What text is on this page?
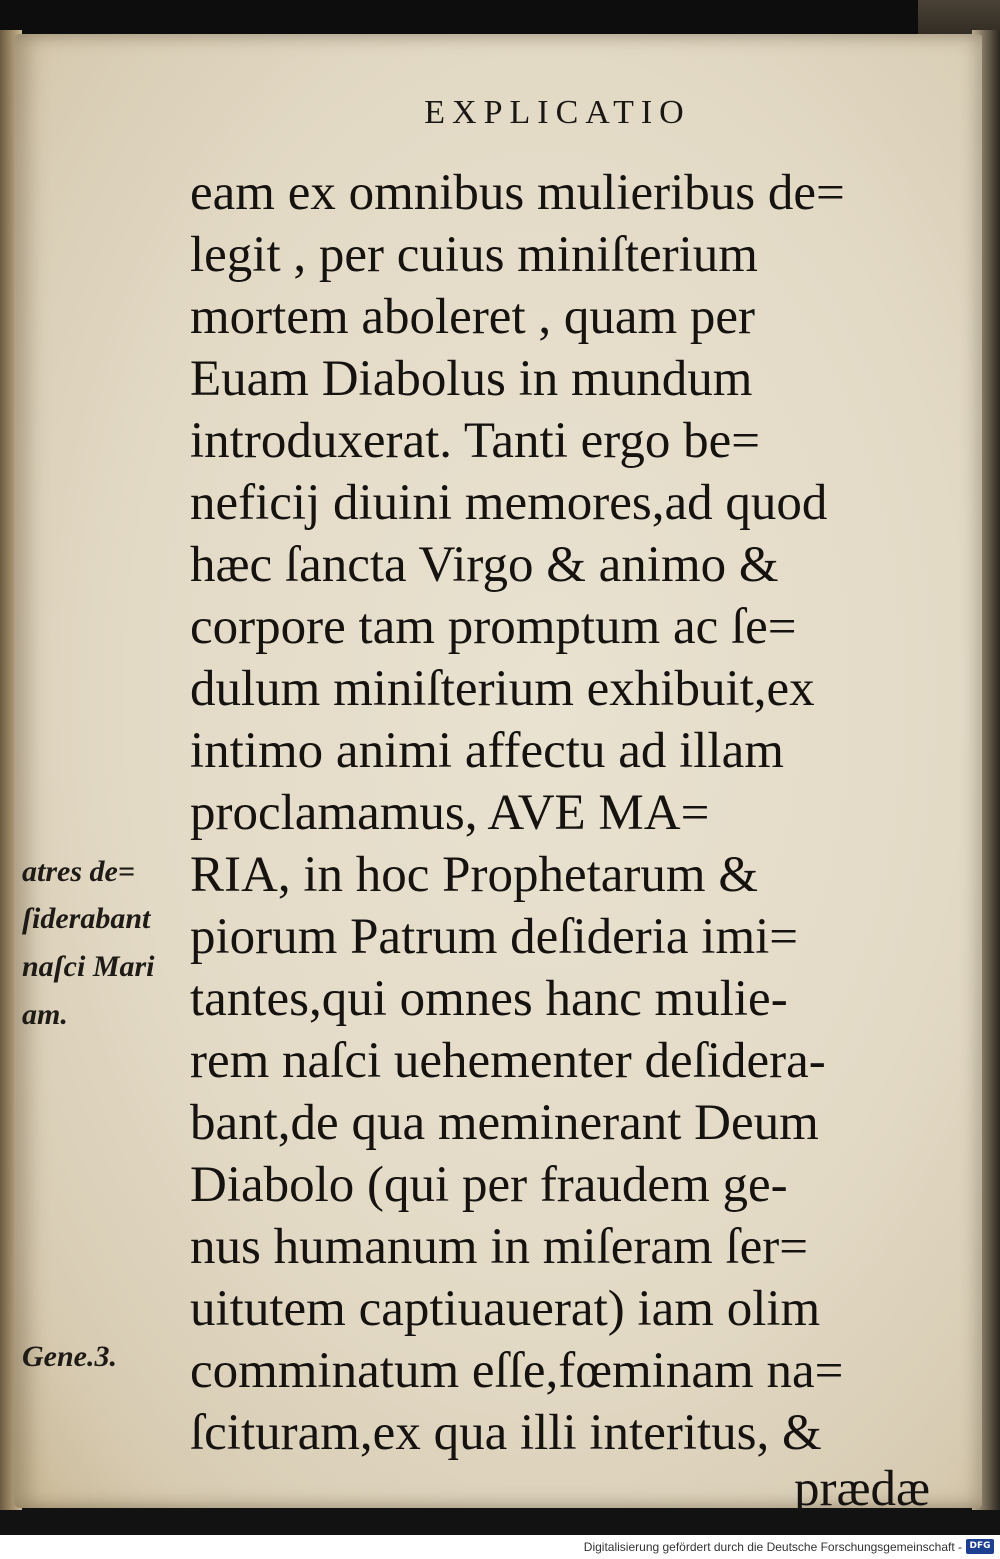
EXPLICATIO
eam ex omnibus mulieribus de=
legit , per cuius miniſterium
mortem aboleret , quam per
Euam Diabolus in mundum
introduxerat. Tanti ergo be=
neficij diuini memores,ad quod
hæc ſancta Virgo & animo &
corpore tam promptum ac ſe=
dulum miniſterium exhibuit,ex
intimo animi affectu ad illam
proclamamus, AVE MA=
RIA, in hoc Prophetarum &
piorum Patrum deſideria imi=
tantes,qui omnes hanc mulie-
rem naſci uehementer deſidera-
bant,de qua meminerant Deum
Diabolo (qui per fraudem ge-
nus humanum in miſeram ſer=
uitutem captiuauerat) iam olim
comminatum eſſe,fœminam na=
ſcituram,ex qua illi interitus, &
prædæ
atres de=
ſiderabant
naſci Mari
am.
Gene.3.
Digitalisierung gefördert durch die Deutsche Forschungsgemeinschaft - DFG
